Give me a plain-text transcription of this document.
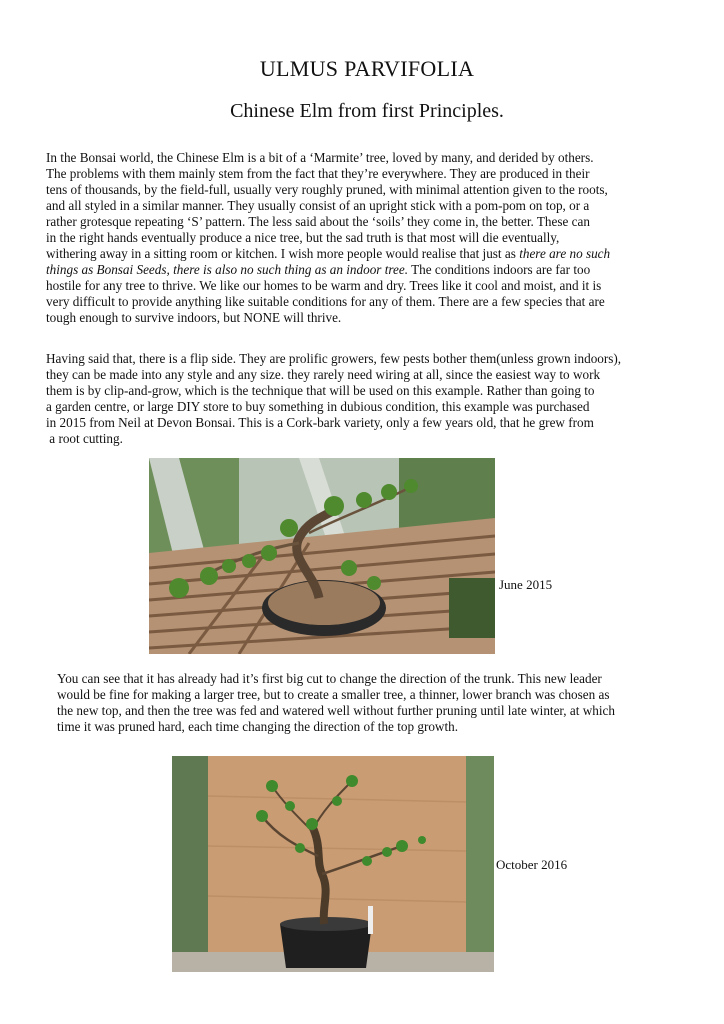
ULMUS PARVIFOLIA
Chinese Elm from first Principles.
In the Bonsai world, the Chinese Elm is a bit of a ‘Marmite’ tree, loved by many, and derided by others.
The problems with them mainly stem from the fact that they’re everywhere. They are produced in their
tens of thousands, by the field-full, usually very roughly pruned, with minimal attention given to the roots,
and all styled in a similar manner. They usually consist of an upright stick with a pom-pom on top, or a
rather grotesque repeating ‘S’ pattern. The less said about the ‘soils’ they come in, the better. These can
in the right hands eventually produce a nice tree, but the sad truth is that most will die eventually,
withering away in a sitting room or kitchen. I wish more people would realise that just as there are no such
things as Bonsai Seeds, there is also no such thing as an indoor tree. The conditions indoors are far too
hostile for any tree to thrive. We like our homes to be warm and dry. Trees like it cool and moist, and it is
very difficult to provide anything like suitable conditions for any of them. There are a few species that are
tough enough to survive indoors, but NONE will thrive.
Having said that, there is a flip side. They are prolific growers, few pests bother them(unless grown indoors),
they can be made into any style and any size. they rarely need wiring at all, since the easiest way to work
them is by clip-and-grow, which is the technique that will be used on this example. Rather than going to
a garden centre, or large DIY store to buy something in dubious condition, this example was purchased
in 2015 from Neil at Devon Bonsai. This is a Cork-bark variety, only a few years old, that he grew from
a root cutting.
June 2015
You can see that it has already had it’s first big cut to change the direction of the trunk. This new leader
would be fine for making a larger tree, but to create a smaller tree, a thinner, lower branch was chosen as
the new top, and then the tree was fed and watered well without further pruning until late winter, at which
time it was pruned hard, each time changing the direction of the top growth.
October 2016
